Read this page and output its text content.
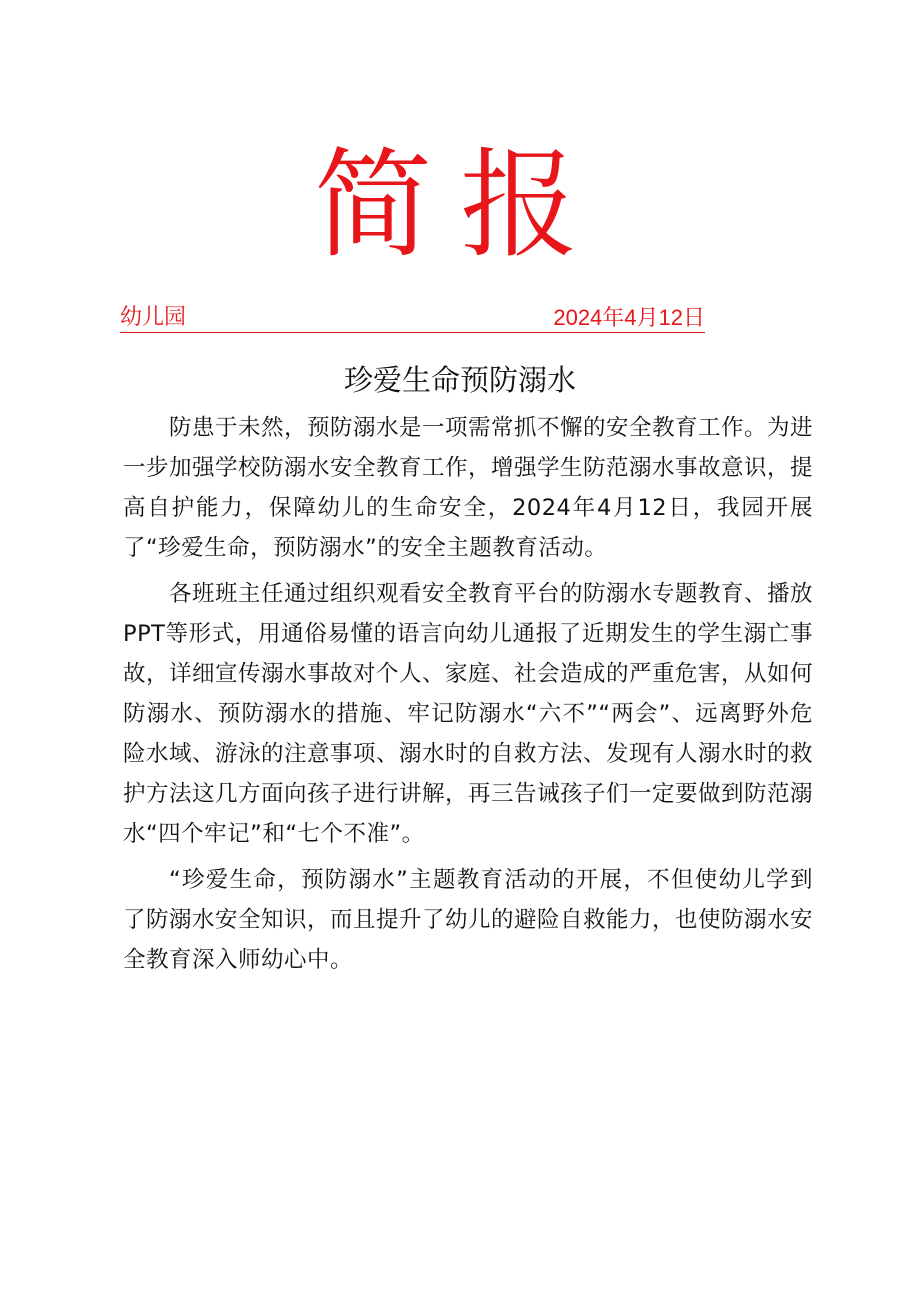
简报
幼儿园	2024年4月12日
珍爱生命预防溺水

防患于未然，预防溺水是一项需常抓不懈的安全教育工作。为进一步加强学校防溺水安全教育工作，增强学生防范溺水事故意识，提高自护能力，保障幼儿的生命安全，2024年4月12日，我园开展了“珍爱生命，预防溺水”的安全主题教育活动。

各班班主任通过组织观看安全教育平台的防溺水专题教育、播放PPT等形式，用通俗易懂的语言向幼儿通报了近期发生的学生溺亡事故，详细宣传溺水事故对个人、家庭、社会造成的严重危害，从如何防溺水、预防溺水的措施、牢记防溺水“六不”“两会”、远离野外危险水域、游泳的注意事项、溺水时的自救方法、发现有人溺水时的救护方法这几方面向孩子进行讲解，再三告诫孩子们一定要做到防范溺水“四个牢记”和“七个不准”。

“珍爱生命，预防溺水”主题教育活动的开展，不但使幼儿学到了防溺水安全知识，而且提升了幼儿的避险自救能力，也使防溺水安全教育深入师幼心中。
